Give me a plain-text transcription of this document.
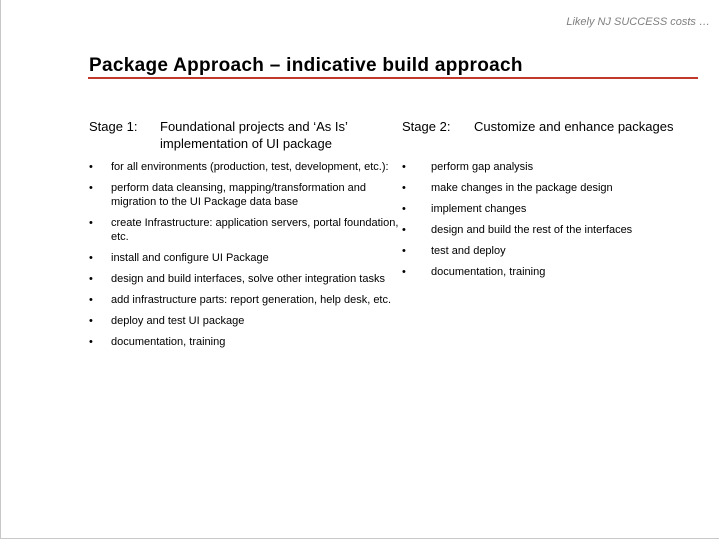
Likely NJ SUCCESS costs …
Package Approach – indicative build approach
Stage 1: Foundational projects and ‘As Is’ implementation of UI package
•	for all environments (production, test, development, etc.):
•	perform data cleansing, mapping/transformation and migration to the UI Package data base
•	create Infrastructure: application servers, portal foundation, etc.
•	install and configure UI Package
•	design and build interfaces, solve other integration tasks
•	add infrastructure parts: report generation, help desk, etc.
•	deploy and test UI package
•	documentation, training
Stage 2: Customize and enhance packages
•	perform gap analysis
•	make changes in the package design
•	implement changes
•	design and build the rest of the interfaces
•	test and deploy
•	documentation, training
